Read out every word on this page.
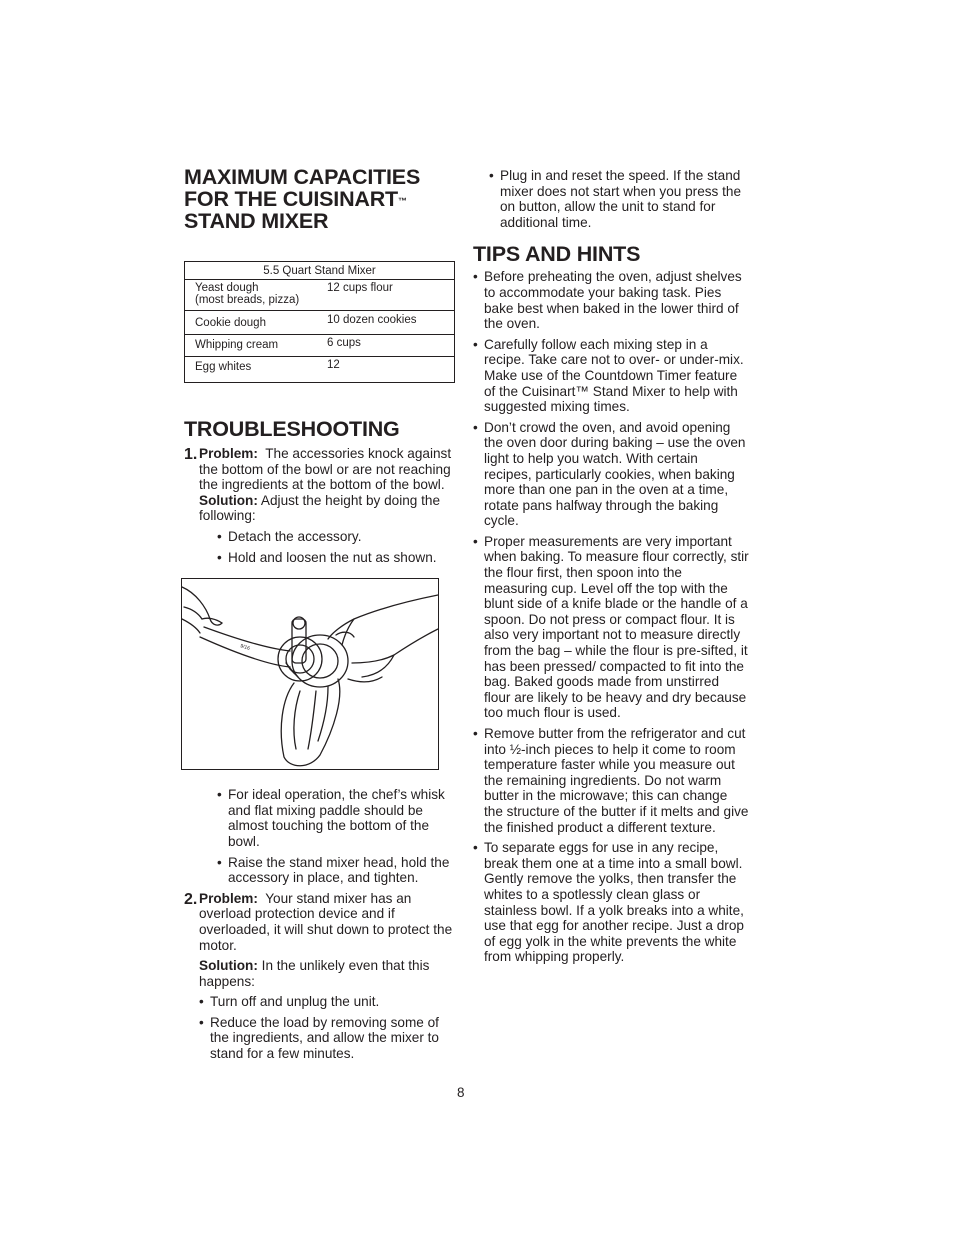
MAXIMUM CAPACITIES
FOR THE CUISINART™
STAND MIXER
5.5 Quart Stand Mixer	
Yeast dough
(most breads, pizza)	12 cups flour
Cookie dough	10 dozen cookies
Whipping cream	6 cups
Egg whites	12
TROUBLESHOOTING
1. Problem: The accessories knock against the bottom of the bowl or are not reaching the ingredients at the bottom of the bowl.

Solution: Adjust the height by doing the following:

• Detach the accessory.

• Hold and loosen the nut as shown.

9/16

• For ideal operation, the chef’s whisk and flat mixing paddle should be almost touching the bottom of the bowl.

• Raise the stand mixer head, hold the accessory in place, and tighten.

2. Problem: Your stand mixer has an overload protection device and if overloaded, it will shut down to protect the motor.

Solution: In the unlikely even that this happens:

• Turn off and unplug the unit.

• Reduce the load by removing some of the ingredients, and allow the mixer to stand for a few minutes.

• Plug in and reset the speed. If the stand mixer does not start when you press the on button, allow the unit to stand for additional time.

TIPS AND HINTS

• Before preheating the oven, adjust shelves to accommodate your baking task. Pies bake best when baked in the lower third of the oven.

• Carefully follow each mixing step in a recipe. Take care not to over- or under-mix. Make use of the Countdown Timer feature of the Cuisinart™ Stand Mixer to help with suggested mixing times.

• Don’t crowd the oven, and avoid opening the oven door during baking – use the oven light to help you watch. With certain recipes, particularly cookies, when baking more than one pan in the oven at a time, rotate pans halfway through the baking cycle.

• Proper measurements are very important when baking. To measure flour correctly, stir the flour first, then spoon into the measuring cup. Level off the top with the blunt side of a knife blade or the handle of a spoon. Do not press or compact flour. It is also very important not to measure directly from the bag – while the flour is pre-sifted, it has been pressed/ compacted to fit into the bag. Baked goods made from unstirred flour are likely to be heavy and dry because too much flour is used.

• Remove butter from the refrigerator and cut into ½-inch pieces to help it come to room temperature faster while you measure out the remaining ingredients. Do not warm butter in the microwave; this can change the structure of the butter if it melts and give the finished product a different texture.

• To separate eggs for use in any recipe, break them one at a time into a small bowl. Gently remove the yolks, then transfer the whites to a spotlessly clean glass or stainless bowl. If a yolk breaks into a white, use that egg for another recipe. Just a drop of egg yolk in the white prevents the white from whipping properly.

8
